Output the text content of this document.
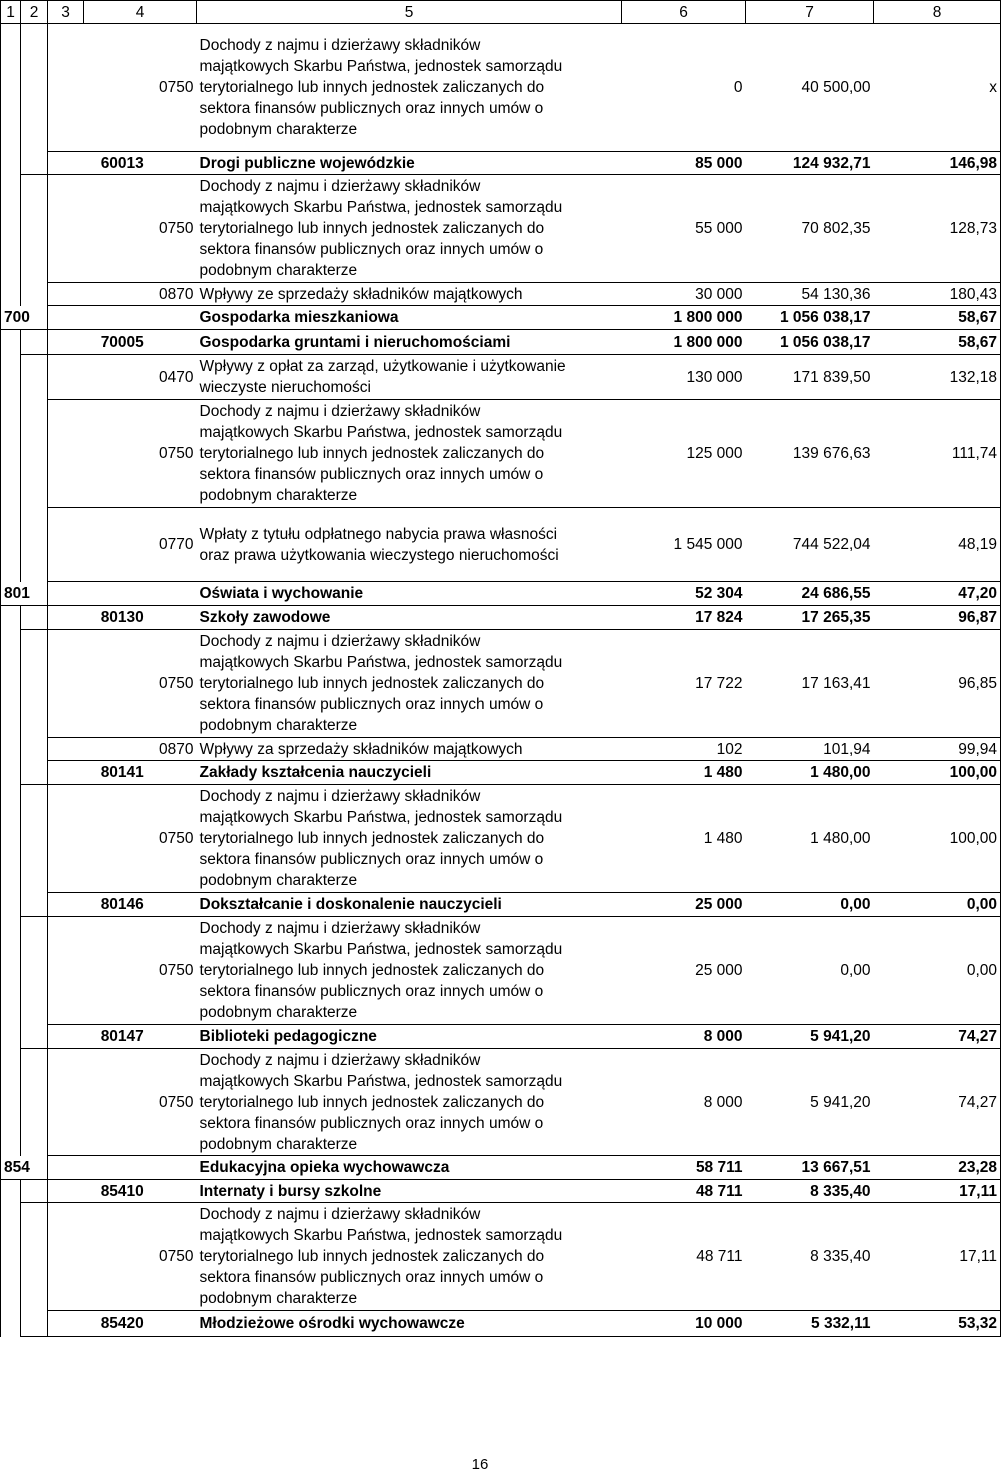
1	2	3	4	5	6	7	8
			0750	Dochody z najmu i dzierżawy składników
majątkowych Skarbu Państwa, jednostek samorządu
terytorialnego lub innych jednostek zaliczanych do
sektora finansów publicznych oraz innych umów o
podobnym charakterze	0	40 500,00	x
		60013		Drogi publiczne wojewódzkie	85 000	124 932,71	146,98
			0750	Dochody z najmu i dzierżawy składników
majątkowych Skarbu Państwa, jednostek samorządu
terytorialnego lub innych jednostek zaliczanych do
sektora finansów publicznych oraz innych umów o
podobnym charakterze	55 000	70 802,35	128,73
			0870	Wpływy ze sprzedaży składników majątkowych	30 000	54 130,36	180,43
700				Gospodarka mieszkaniowa	1 800 000	1 056 038,17	58,67
		70005		Gospodarka gruntami i nieruchomościami	1 800 000	1 056 038,17	58,67
			0470	Wpływy z opłat za zarząd, użytkowanie i użytkowanie
wieczyste nieruchomości	130 000	171 839,50	132,18
			0750	Dochody z najmu i dzierżawy składników
majątkowych Skarbu Państwa, jednostek samorządu
terytorialnego lub innych jednostek zaliczanych do
sektora finansów publicznych oraz innych umów o
podobnym charakterze	125 000	139 676,63	111,74
			0770	Wpłaty z tytułu odpłatnego nabycia prawa własności
oraz prawa użytkowania wieczystego nieruchomości	1 545 000	744 522,04	48,19
801				Oświata i wychowanie	52 304	24 686,55	47,20
		80130		Szkoły zawodowe	17 824	17 265,35	96,87
			0750	Dochody z najmu i dzierżawy składników
majątkowych Skarbu Państwa, jednostek samorządu
terytorialnego lub innych jednostek zaliczanych do
sektora finansów publicznych oraz innych umów o
podobnym charakterze	17 722	17 163,41	96,85
			0870	Wpływy za sprzedaży składników majątkowych	102	101,94	99,94
		80141		Zakłady kształcenia nauczycieli	1 480	1 480,00	100,00
			0750	Dochody z najmu i dzierżawy składników
majątkowych Skarbu Państwa, jednostek samorządu
terytorialnego lub innych jednostek zaliczanych do
sektora finansów publicznych oraz innych umów o
podobnym charakterze	1 480	1 480,00	100,00
		80146		Dokształcanie i doskonalenie nauczycieli	25 000	0,00	0,00
			0750	Dochody z najmu i dzierżawy składników
majątkowych Skarbu Państwa, jednostek samorządu
terytorialnego lub innych jednostek zaliczanych do
sektora finansów publicznych oraz innych umów o
podobnym charakterze	25 000	0,00	0,00
		80147		Biblioteki pedagogiczne	8 000	5 941,20	74,27
			0750	Dochody z najmu i dzierżawy składników
majątkowych Skarbu Państwa, jednostek samorządu
terytorialnego lub innych jednostek zaliczanych do
sektora finansów publicznych oraz innych umów o
podobnym charakterze	8 000	5 941,20	74,27
854				Edukacyjna opieka wychowawcza	58 711	13 667,51	23,28
		85410		Internaty i bursy szkolne	48 711	8 335,40	17,11
			0750	Dochody z najmu i dzierżawy składników
majątkowych Skarbu Państwa, jednostek samorządu
terytorialnego lub innych jednostek zaliczanych do
sektora finansów publicznych oraz innych umów o
podobnym charakterze	48 711	8 335,40	17,11
		85420		Młodzieżowe ośrodki wychowawcze	10 000	5 332,11	53,32
16
